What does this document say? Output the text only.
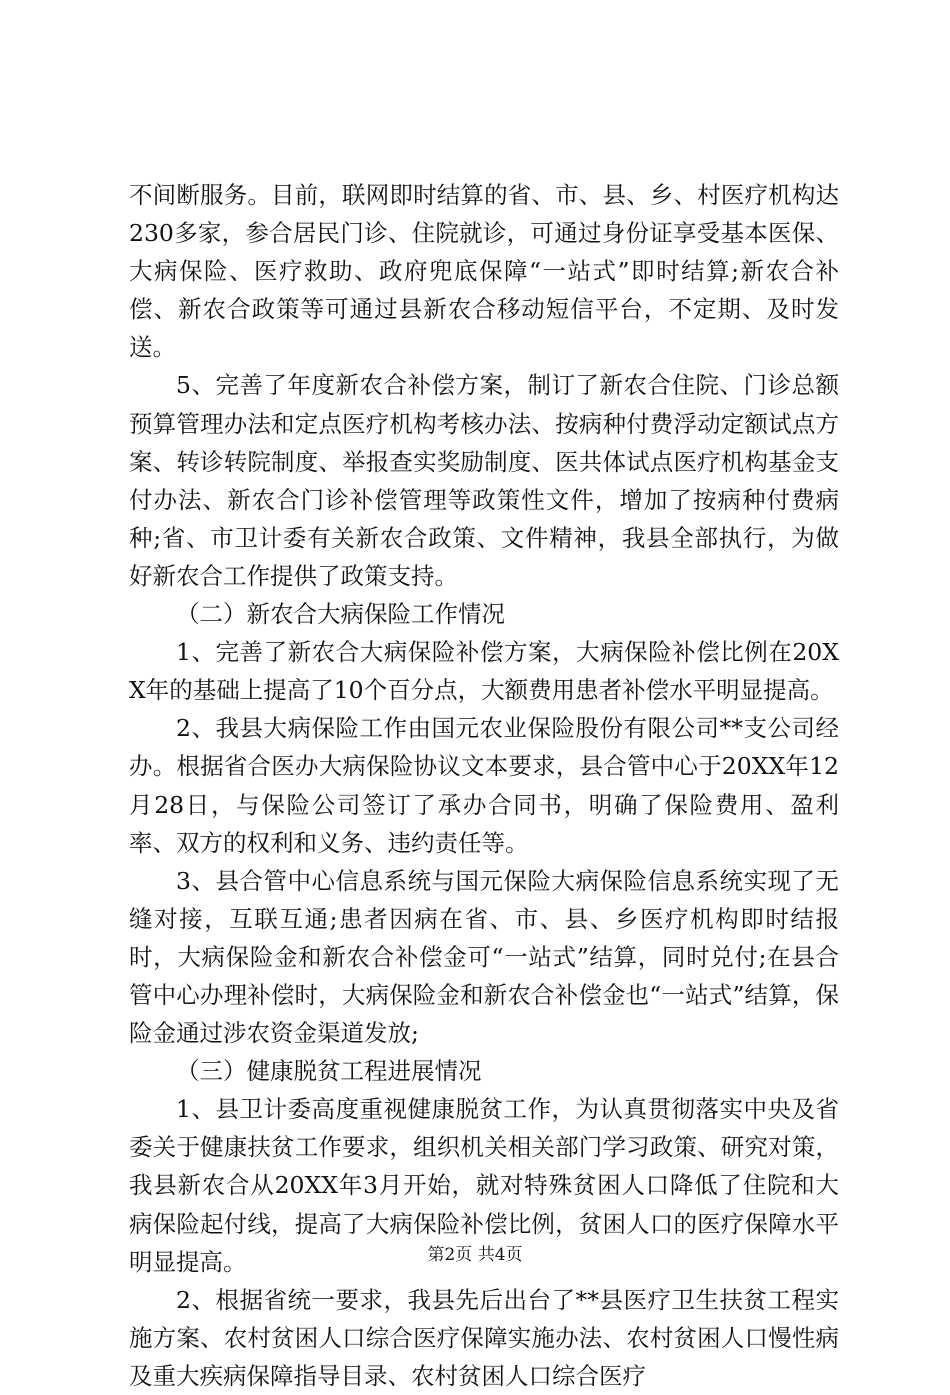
不间断服务。目前，联网即时结算的省、市、县、乡、村医疗机构达230多家，参合居民门诊、住院就诊，可通过身份证享受基本医保、大病保险、医疗救助、政府兜底保障“一站式”即时结算;新农合补偿、新农合政策等可通过县新农合移动短信平台，不定期、及时发送。

5、完善了年度新农合补偿方案，制订了新农合住院、门诊总额预算管理办法和定点医疗机构考核办法、按病种付费浮动定额试点方案、转诊转院制度、举报查实奖励制度、医共体试点医疗机构基金支付办法、新农合门诊补偿管理等政策性文件，增加了按病种付费病种;省、市卫计委有关新农合政策、文件精神，我县全部执行，为做好新农合工作提供了政策支持。

（二）新农合大病保险工作情况

1、完善了新农合大病保险补偿方案，大病保险补偿比例在20XX年的基础上提高了10个百分点，大额费用患者补偿水平明显提高。

2、我县大病保险工作由国元农业保险股份有限公司**支公司经办。根据省合医办大病保险协议文本要求，县合管中心于20XX年12月28日，与保险公司签订了承办合同书，明确了保险费用、盈利率、双方的权利和义务、违约责任等。

3、县合管中心信息系统与国元保险大病保险信息系统实现了无缝对接，互联互通;患者因病在省、市、县、乡医疗机构即时结报时，大病保险金和新农合补偿金可“一站式”结算，同时兑付;在县合管中心办理补偿时，大病保险金和新农合补偿金也“一站式”结算，保险金通过涉农资金渠道发放;

（三）健康脱贫工程进展情况

1、县卫计委高度重视健康脱贫工作，为认真贯彻落实中央及省委关于健康扶贫工作要求，组织机关相关部门学习政策、研究对策，我县新农合从20XX年3月开始，就对特殊贫困人口降低了住院和大病保险起付线，提高了大病保险补偿比例，贫困人口的医疗保障水平明显提高。

2、根据省统一要求，我县先后出台了**县医疗卫生扶贫工程实施方案、农村贫困人口综合医疗保障实施办法、农村贫困人口慢性病及重大疾病保障指导目录、农村贫困人口综合医疗

第2页 共4页
